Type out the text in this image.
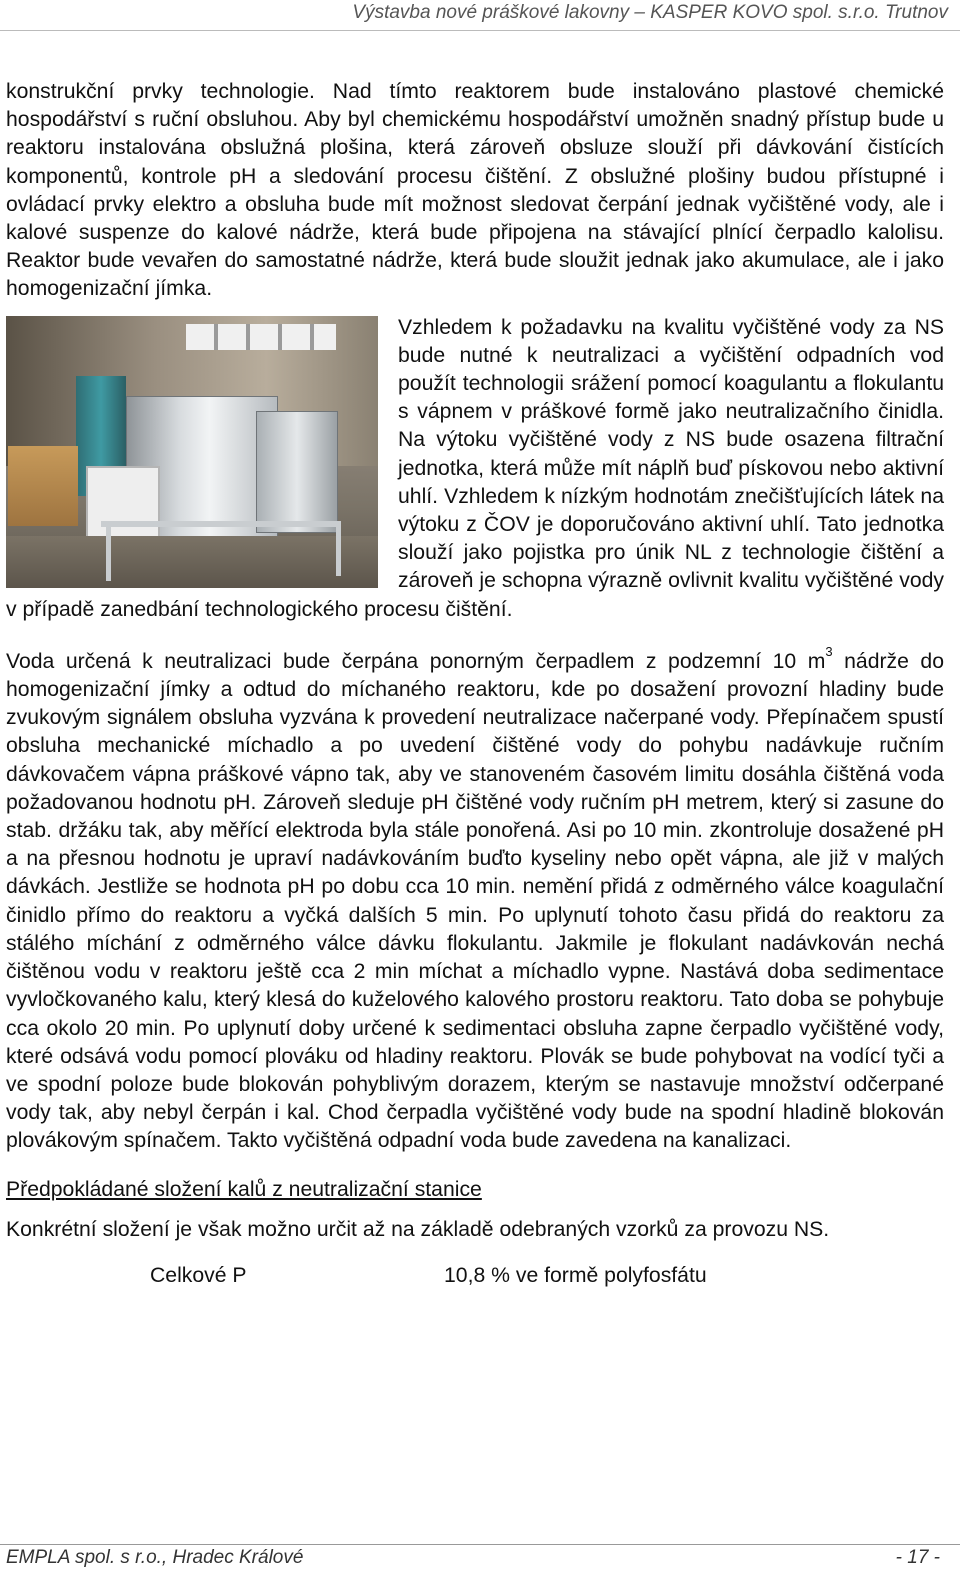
Výstavba nové práškové lakovny – KASPER KOVO spol. s.r.o. Trutnov

konstrukční prvky technologie. Nad tímto reaktorem bude instalováno plastové chemické hospodářství s ruční obsluhou. Aby byl chemickému hospodářství umožněn snadný přístup bude u reaktoru instalována obslužná plošina, která zároveň obsluze slouží při dávkování čistících komponentů, kontrole pH a sledování procesu čištění. Z obslužné plošiny budou přístupné i ovládací prvky elektro a obsluha bude mít možnost sledovat čerpání jednak vyčištěné vody, ale i kalové suspenze do kalové nádrže, která bude připojena na stávající plnící čerpadlo kalolisu. Reaktor bude vevařen do samostatné nádrže, která bude sloužit jednak jako akumulace, ale i jako homogenizační jímka.

Vzhledem k požadavku na kvalitu vyčištěné vody za NS bude nutné k neutralizaci a vyčištění odpadních vod použít technologii srážení pomocí koagulantu a flokulantu s vápnem v práškové formě jako neutralizačního činidla. Na výtoku vyčištěné vody z NS bude osazena filtrační jednotka, která může mít náplň buď pískovou nebo aktivní uhlí. Vzhledem k nízkým hodnotám znečišťujících látek na výtoku z ČOV je doporučováno aktivní uhlí. Tato jednotka slouží jako pojistka pro únik NL z technologie čištění a zároveň je schopna výrazně ovlivnit kvalitu vyčištěné vody v případě zanedbání technologického procesu čištění.

Voda určená k neutralizaci bude čerpána ponorným čerpadlem z podzemní 10 $m^3$ nádrže do homogenizační jímky a odtud do míchaného reaktoru, kde po dosažení provozní hladiny bude zvukovým signálem obsluha vyzvána k provedení neutralizace načerpané vody. Přepínačem spustí obsluha mechanické míchadlo a po uvedení čištěné vody do pohybu nadávkuje ručním dávkovačem vápna práškové vápno tak, aby ve stanoveném časovém limitu dosáhla čištěná voda požadovanou hodnotu pH. Zároveň sleduje pH čištěné vody ručním pH metrem, který si zasune do stab. držáku tak, aby měřící elektroda byla stále ponořená. Asi po 10 min. zkontroluje dosažené pH a na přesnou hodnotu je upraví nadávkováním buďto kyseliny nebo opět vápna, ale již v malých dávkách. Jestliže se hodnota pH po dobu cca 10 min. nemění přidá z odměrného válce koagulační činidlo přímo do reaktoru a vyčká dalších 5 min. Po uplynutí tohoto času přidá do reaktoru za stálého míchání z odměrného válce dávku flokulantu. Jakmile je flokulant nadávkován nechá čištěnou vodu v reaktoru ještě cca 2 min míchat a míchadlo vypne. Nastává doba sedimentace vyvločkovaného kalu, který klesá do kuželového kalového prostoru reaktoru. Tato doba se pohybuje cca okolo 20 min. Po uplynutí doby určené k sedimentaci obsluha zapne čerpadlo vyčištěné vody, které odsává vodu pomocí plováku od hladiny reaktoru. Plovák se bude pohybovat na vodící tyči a ve spodní poloze bude blokován pohyblivým dorazem, kterým se nastavuje množství odčerpané vody tak, aby nebyl čerpán i kal. Chod čerpadla vyčištěné vody bude na spodní hladině blokován plovákovým spínačem. Takto vyčištěná odpadní voda bude zavedena na kanalizaci.

Předpokládané složení kalů z neutralizační stanice

Konkrétní složení je však možno určit až na základě odebraných vzorků za provozu NS.

Celkové P	10,8 % ve formě polyfosfátu
EMPLA spol. s r.o., Hradec Králové	- 17 -
